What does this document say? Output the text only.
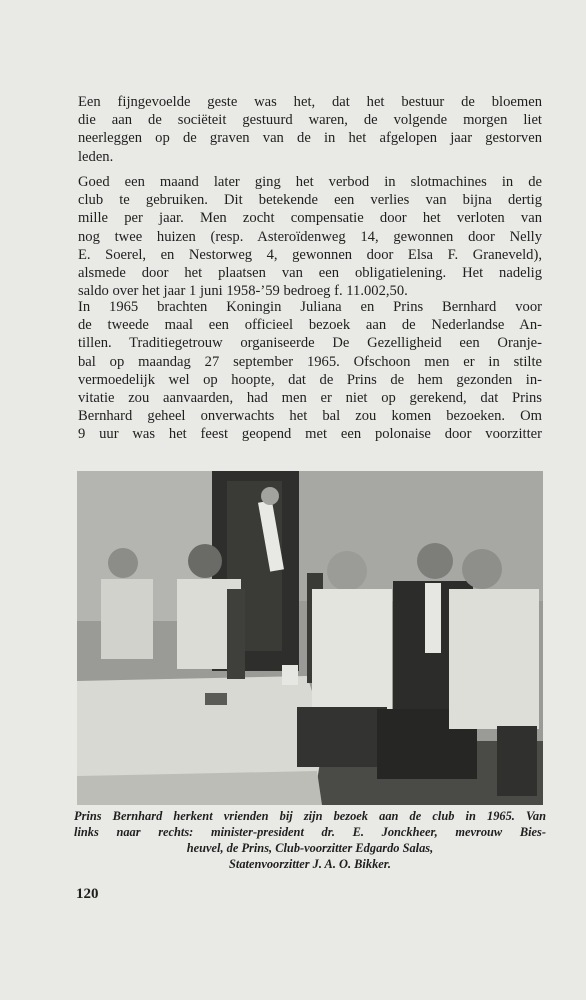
Een fijngevoelde geste was het, dat het bestuur de bloemen
die aan de sociëteit gestuurd waren, de volgende morgen liet
neerleggen op de graven van de in het afgelopen jaar gestorven
leden.

Goed een maand later ging het verbod in slotmachines in de
club te gebruiken. Dit betekende een verlies van bijna dertig
mille per jaar. Men zocht compensatie door het verloten van
nog twee huizen (resp. Asteroïdenweg 14, gewonnen door Nelly
E. Soerel, en Nestorweg 4, gewonnen door Elsa F. Graneveld),
alsmede door het plaatsen van een obligatielening. Het nadelig
saldo over het jaar 1 juni 1958-’59 bedroeg f. 11.002,50.

In 1965 brachten Koningin Juliana en Prins Bernhard voor
de tweede maal een officieel bezoek aan de Nederlandse An-
tillen. Traditiegetrouw organiseerde De Gezelligheid een Oranje-
bal op maandag 27 september 1965. Ofschoon men er in stilte
vermoedelijk wel op hoopte, dat de Prins de hem gezonden in-
vitatie zou aanvaarden, had men er niet op gerekend, dat Prins
Bernhard geheel onverwachts het bal zou komen bezoeken. Om
9 uur was het feest geopend met een polonaise door voorzitter

Prins Bernhard herkent vrienden bij zijn bezoek aan de club in 1965. Van
links naar rechts: minister-president dr. E. Jonckheer, mevrouw Bies-
heuvel, de Prins, Club-voorzitter Edgardo Salas,
Statenvoorzitter J. A. O. Bikker.

120
